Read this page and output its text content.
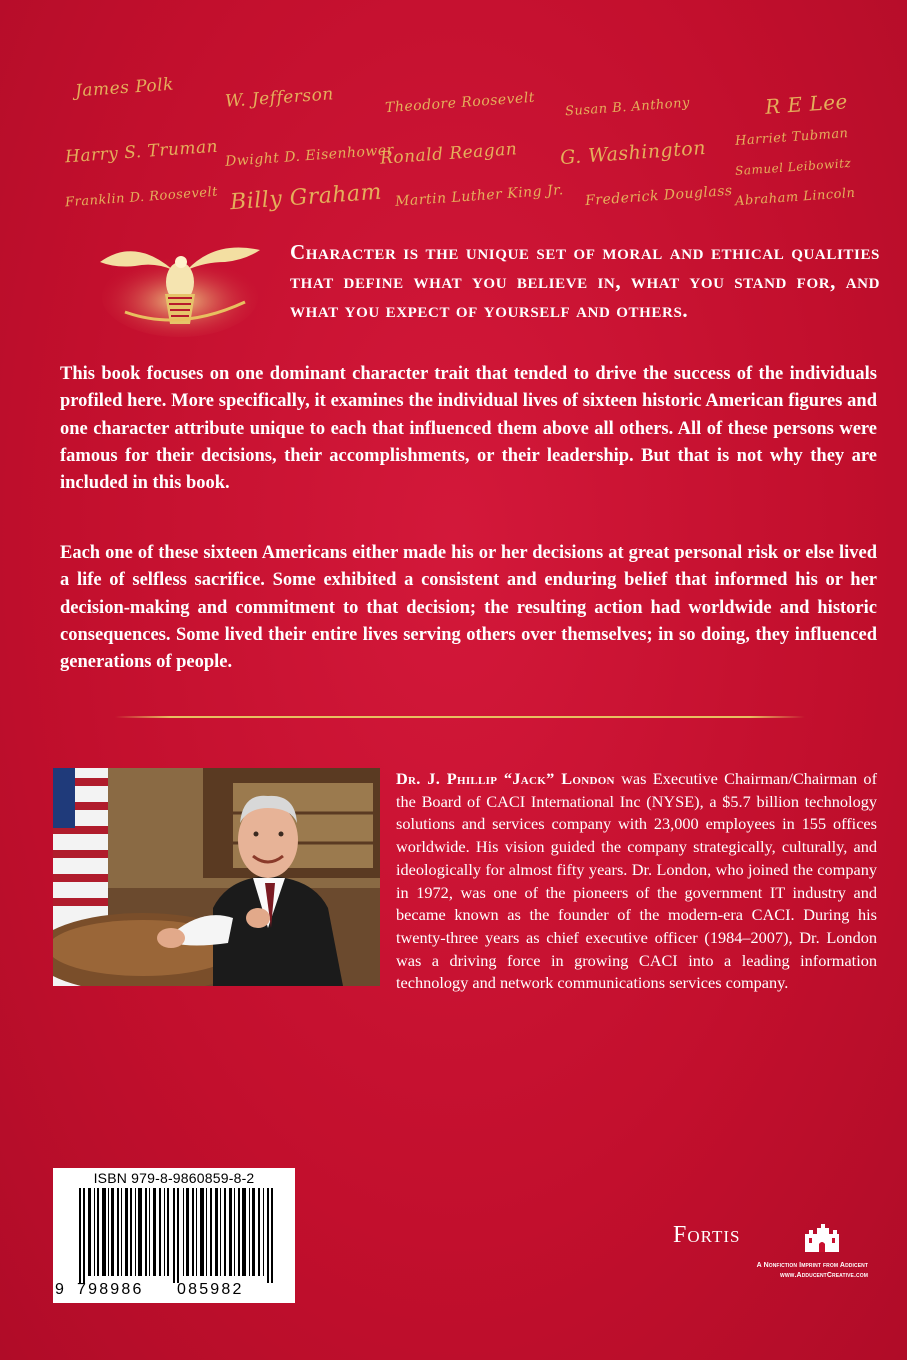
James Polk	W. Jefferson	Theodore Roosevelt Susan B. Anthony	R E Lee
Harry S. Truman Dwight D. Eisenhower
Ronald Reagan G. Washington Harriet Tubman
Franklin D. Roosevelt Billy Graham Martin Luther King Jr. Frederick Douglass Abraham Lincoln
Samuel Leibowitz
Character is the unique set of moral and ethical qualities that define what you believe in, what you stand for, and what you expect of yourself and others.
This book focuses on one dominant character trait that tended to drive the success of the individuals profiled here. More specifically, it examines the individual lives of sixteen historic American figures and one character attribute unique to each that influenced them above all others. All of these persons were famous for their decisions, their accomplishments, or their leadership. But that is not why they are included in this book.
Each one of these sixteen Americans either made his or her decisions at great personal risk or else lived a life of selfless sacrifice. Some exhibited a consistent and enduring belief that informed his or her decision-making and commitment to that decision; the resulting action had worldwide and historic consequences. Some lived their entire lives serving others over themselves; in so doing, they influenced generations of people.
Dr. J. Phillip “Jack” London was Executive Chairman/Chairman of the Board of CACI International Inc (NYSE), a $5.7 billion technology solutions and services company with 23,000 employees in 155 offices worldwide. His vision guided the company strategically, culturally, and ideologically for almost fifty years. Dr. London, who joined the company in 1972, was one of the pioneers of the government IT industry and became known as the founder of the modern-era CACI. During his twenty-three years as chief executive officer (1984–2007), Dr. London was a driving force in growing CACI into a leading information technology and network communications services company.
ISBN 979-8-9860859-8-2
9 798986 085982
Fortis
A Nonfiction Imprint from Addicent
www.AdducentCreative.com
